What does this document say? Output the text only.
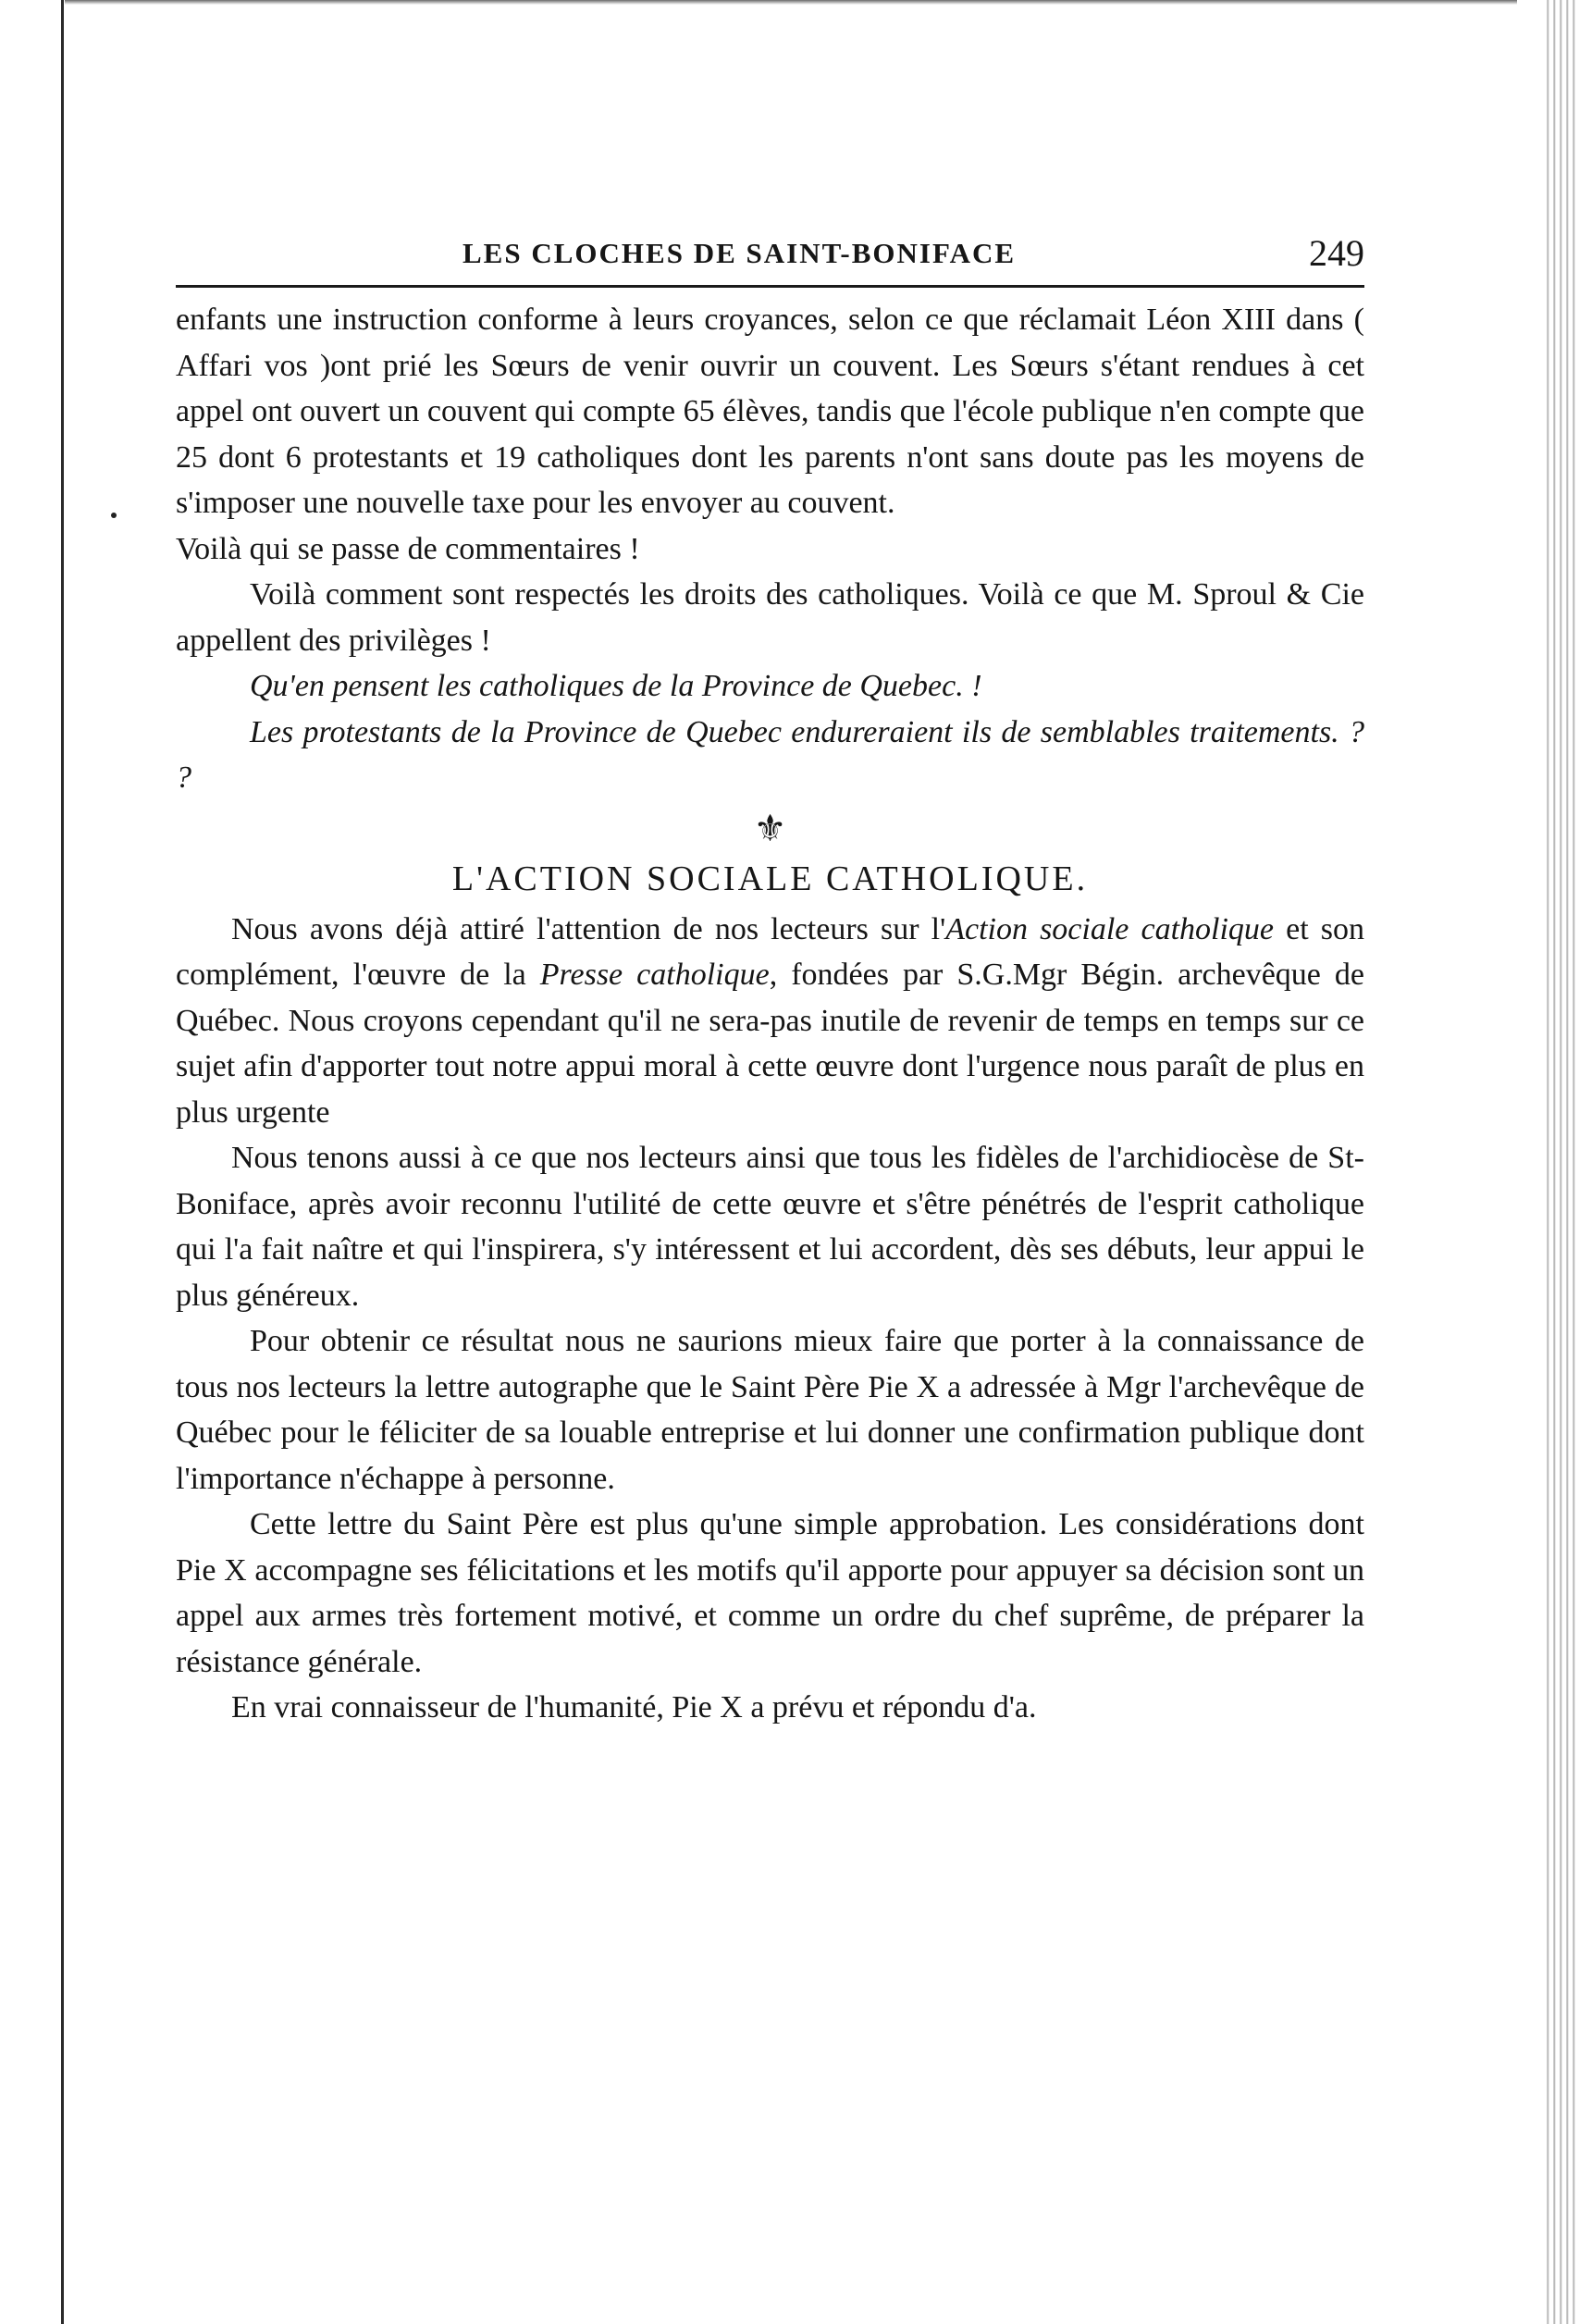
LES CLOCHES DE SAINT-BONIFACE	249

enfants une instruction conforme à leurs croyances, selon ce que réclamait Léon XIII dans ( Affari vos )ont prié les Sœurs de venir ouvrir un couvent. Les Sœurs s'étant rendues à cet appel ont ouvert un couvent qui compte 65 élèves, tandis que l'école publique n'en compte que 25 dont 6 protestants et 19 catholiques dont les parents n'ont sans doute pas les moyens de s'imposer une nouvelle taxe pour les envoyer au couvent.

Voilà qui se passe de commentaires !

Voilà comment sont respectés les droits des catholiques. Voilà ce que M. Sproul & Cie appellent des privilèges !

Qu'en pensent les catholiques de la Province de Quebec. !

Les protestants de la Province de Quebec endureraient ils de semblables traitements. ? ?

⚜
L'ACTION SOCIALE CATHOLIQUE.

Nous avons déjà attiré l'attention de nos lecteurs sur l'Action sociale catholique et son complément, l'œuvre de la Presse catholique, fondées par S.G.Mgr Bégin. archevêque de Québec. Nous croyons cependant qu'il ne sera-pas inutile de revenir de temps en temps sur ce sujet afin d'apporter tout notre appui moral à cette œuvre dont l'urgence nous paraît de plus en plus urgente

Nous tenons aussi à ce que nos lecteurs ainsi que tous les fidèles de l'archidiocèse de St-Boniface, après avoir reconnu l'utilité de cette œuvre et s'être pénétrés de l'esprit catholique qui l'a fait naître et qui l'inspirera, s'y intéressent et lui accordent, dès ses débuts, leur appui le plus généreux.

Pour obtenir ce résultat nous ne saurions mieux faire que porter à la connaissance de tous nos lecteurs la lettre autographe que le Saint Père Pie X a adressée à Mgr l'archevêque de Québec pour le féliciter de sa louable entreprise et lui donner une confirmation publique dont l'importance n'échappe à personne.

Cette lettre du Saint Père est plus qu'une simple approbation. Les considérations dont Pie X accompagne ses félicitations et les motifs qu'il apporte pour appuyer sa décision sont un appel aux armes très fortement motivé, et comme un ordre du chef suprême, de préparer la résistance générale.

En vrai connaisseur de l'humanité, Pie X a prévu et répondu d'a.
